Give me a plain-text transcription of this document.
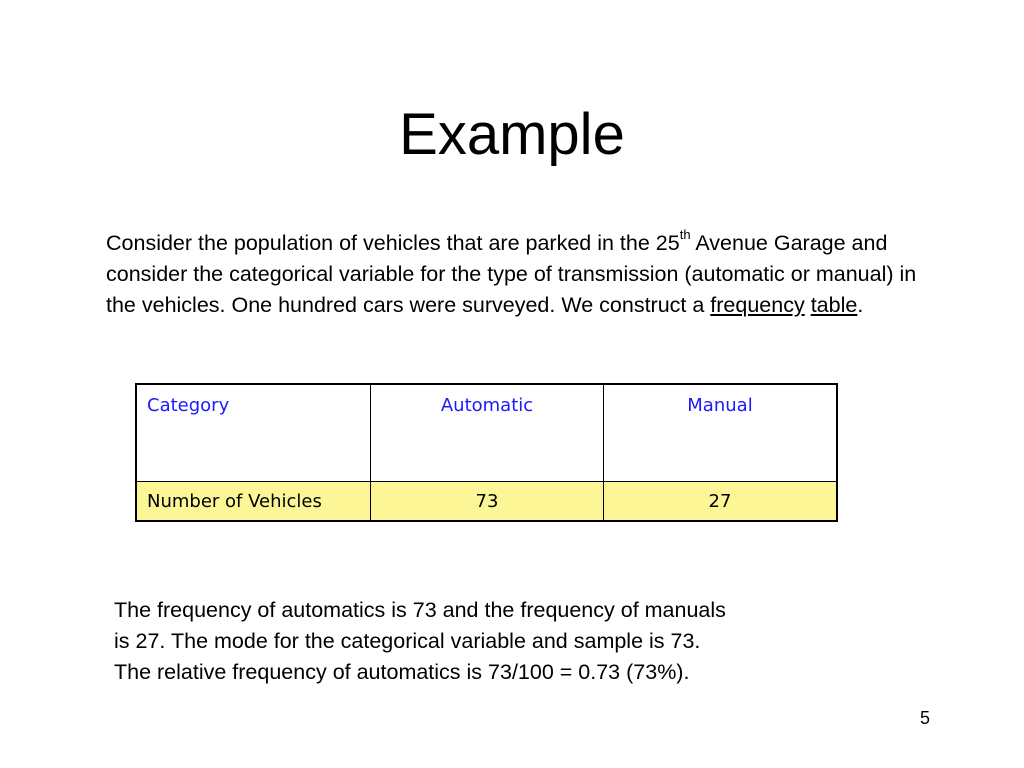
Example
Consider the population of vehicles that are parked in the 25th Avenue Garage and consider the categorical variable for the type of transmission (automatic or manual) in the vehicles. One hundred cars were surveyed. We construct a frequency table.
Category	Automatic	Manual
Number of Vehicles	73	27
The frequency of automatics is 73 and the frequency of manuals
is 27. The mode for the categorical variable and sample is 73.
The relative frequency of automatics is 73/100 = 0.73 (73%).
5
